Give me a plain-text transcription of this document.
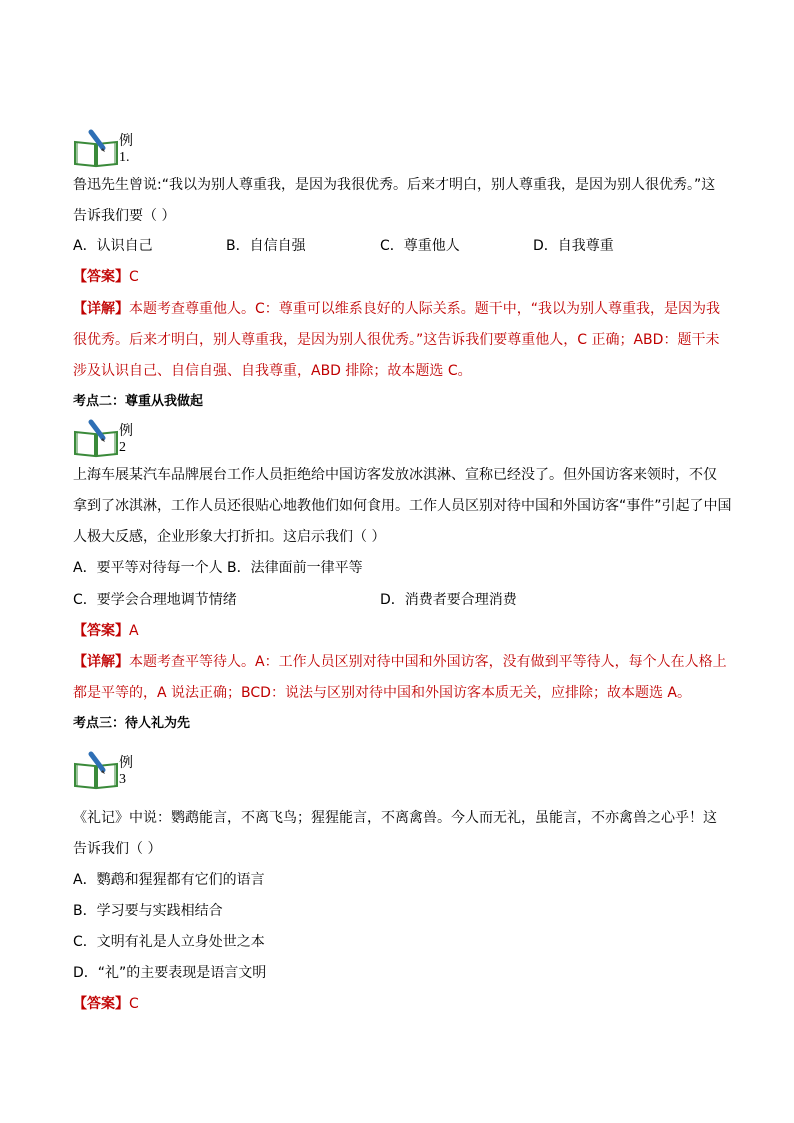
例 1.
鲁迅先生曾说:“我以为别人尊重我，是因为我很优秀。后来才明白，别人尊重我，是因为别人很优秀。”这
告诉我们要（ ）
A．认识自己	B．自信自强	C．尊重他人	D．自我尊重
【答案】C
【详解】本题考查尊重他人。C：尊重可以维系良好的人际关系。题干中，“我以为别人尊重我，是因为我
很优秀。后来才明白，别人尊重我，是因为别人很优秀。”这告诉我们要尊重他人，C 正确；ABD：题干未
涉及认识自己、自信自强、自我尊重，ABD 排除；故本题选 C。
考点二：尊重从我做起
例 2
上海车展某汽车品牌展台工作人员拒绝给中国访客发放冰淇淋、宣称已经没了。但外国访客来领时，不仅
拿到了冰淇淋，工作人员还很贴心地教他们如何食用。工作人员区别对待中国和外国访客“事件”引起了中国
人极大反感，企业形象大打折扣。这启示我们（ ）
A．要平等对待每一个人 B．法律面前一律平等
C．要学会合理地调节情绪	D．消费者要合理消费
【答案】A
【详解】本题考查平等待人。A：工作人员区别对待中国和外国访客，没有做到平等待人，每个人在人格上
都是平等的，A 说法正确；BCD：说法与区别对待中国和外国访客本质无关，应排除；故本题选 A。
考点三：待人礼为先
例 3
《礼记》中说：鹦鹉能言，不离飞鸟；猩猩能言，不离禽兽。今人而无礼，虽能言，不亦禽兽之心乎！这
告诉我们（ ）
A．鹦鹉和猩猩都有它们的语言
B．学习要与实践相结合
C．文明有礼是人立身处世之本
D．“礼”的主要表现是语言文明
【答案】C
